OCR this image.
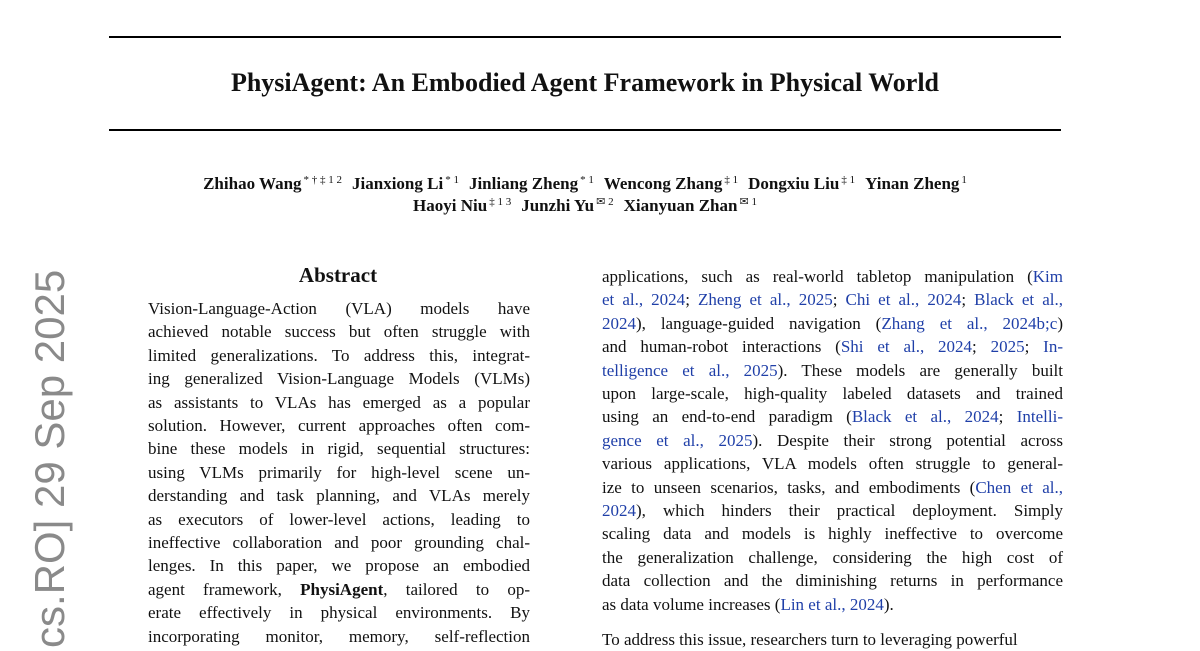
PhysiAgent: An Embodied Agent Framework in Physical World
Zhihao Wang $^{* \dagger \ddagger 1 2}$ Jianxiong Li $^{* 1}$ Jinliang Zheng $^{* 1}$ Wencong Zhang $^{\ddagger 1}$ Dongxiu Liu $^{\ddagger 1}$ Yinan Zheng $^1$
Haoyi Niu $^{\ddagger 1 3}$ Junzhi Yu $^{✉ 2}$ Xianyuan Zhan $^{✉ 1}$
cs.RO] 29 Sep 2025	Abstract
Vision-Language-Action (VLA) models have
achieved notable success but often struggle with
limited generalizations. To address this, integrat-
ing generalized Vision-Language Models (VLMs)
as assistants to VLAs has emerged as a popular
solution. However, current approaches often com-
bine these models in rigid, sequential structures:
using VLMs primarily for high-level scene un-
derstanding and task planning, and VLAs merely
as executors of lower-level actions, leading to
ineffective collaboration and poor grounding chal-
lenges. In this paper, we propose an embodied
agent framework, PhysiAgent, tailored to op-
erate effectively in physical environments. By
incorporating monitor, memory, self-reflection
applications, such as real-world tabletop manipulation (Kim
et al., 2024; Zheng et al., 2025; Chi et al., 2024; Black et al.,
2024), language-guided navigation (Zhang et al., 2024b;c)
and human-robot interactions (Shi et al., 2024; 2025; In-
telligence et al., 2025). These models are generally built
upon large-scale, high-quality labeled datasets and trained
using an end-to-end paradigm (Black et al., 2024; Intelli-
gence et al., 2025). Despite their strong potential across
various applications, VLA models often struggle to general-
ize to unseen scenarios, tasks, and embodiments (Chen et al.,
2024), which hinders their practical deployment. Simply
scaling data and models is highly ineffective to overcome
the generalization challenge, considering the high cost of
data collection and the diminishing returns in performance
as data volume increases (Lin et al., 2024).
To address this issue, researchers turn to leveraging powerful
